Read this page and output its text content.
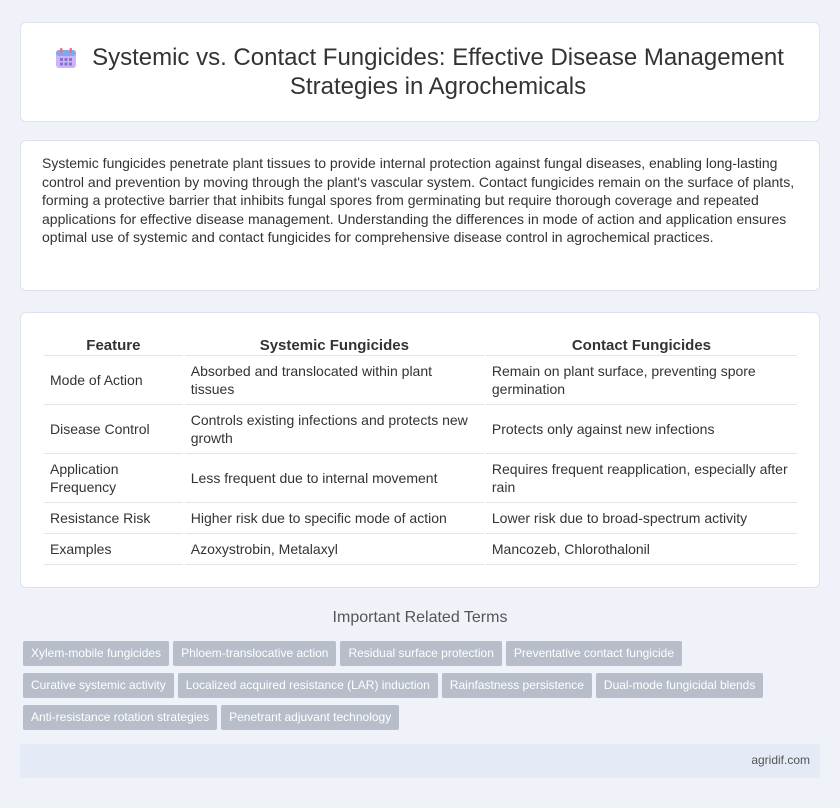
Systemic vs. Contact Fungicides: Effective Disease Management Strategies in Agrochemicals

Systemic fungicides penetrate plant tissues to provide internal protection against fungal diseases, enabling long-lasting control and prevention by moving through the plant's vascular system. Contact fungicides remain on the surface of plants, forming a protective barrier that inhibits fungal spores from germinating but require thorough coverage and repeated applications for effective disease management. Understanding the differences in mode of action and application ensures optimal use of systemic and contact fungicides for comprehensive disease control in agrochemical practices.

Feature	Systemic Fungicides	Contact Fungicides
Mode of Action	Absorbed and translocated within plant tissues	Remain on plant surface, preventing spore germination
Disease Control	Controls existing infections and protects new growth	Protects only against new infections
Application Frequency	Less frequent due to internal movement	Requires frequent reapplication, especially after rain
Resistance Risk	Higher risk due to specific mode of action	Lower risk due to broad-spectrum activity
Examples	Azoxystrobin, Metalaxyl	Mancozeb, Chlorothalonil
Important Related Terms
Xylem-mobile fungicides Phloem-translocative action Residual surface protection Preventative contact fungicide
Curative systemic activity Localized acquired resistance (LAR) induction Rainfastness persistence Dual-mode fungicidal blends
Anti-resistance rotation strategies Penetrant adjuvant technology
agridif.com
